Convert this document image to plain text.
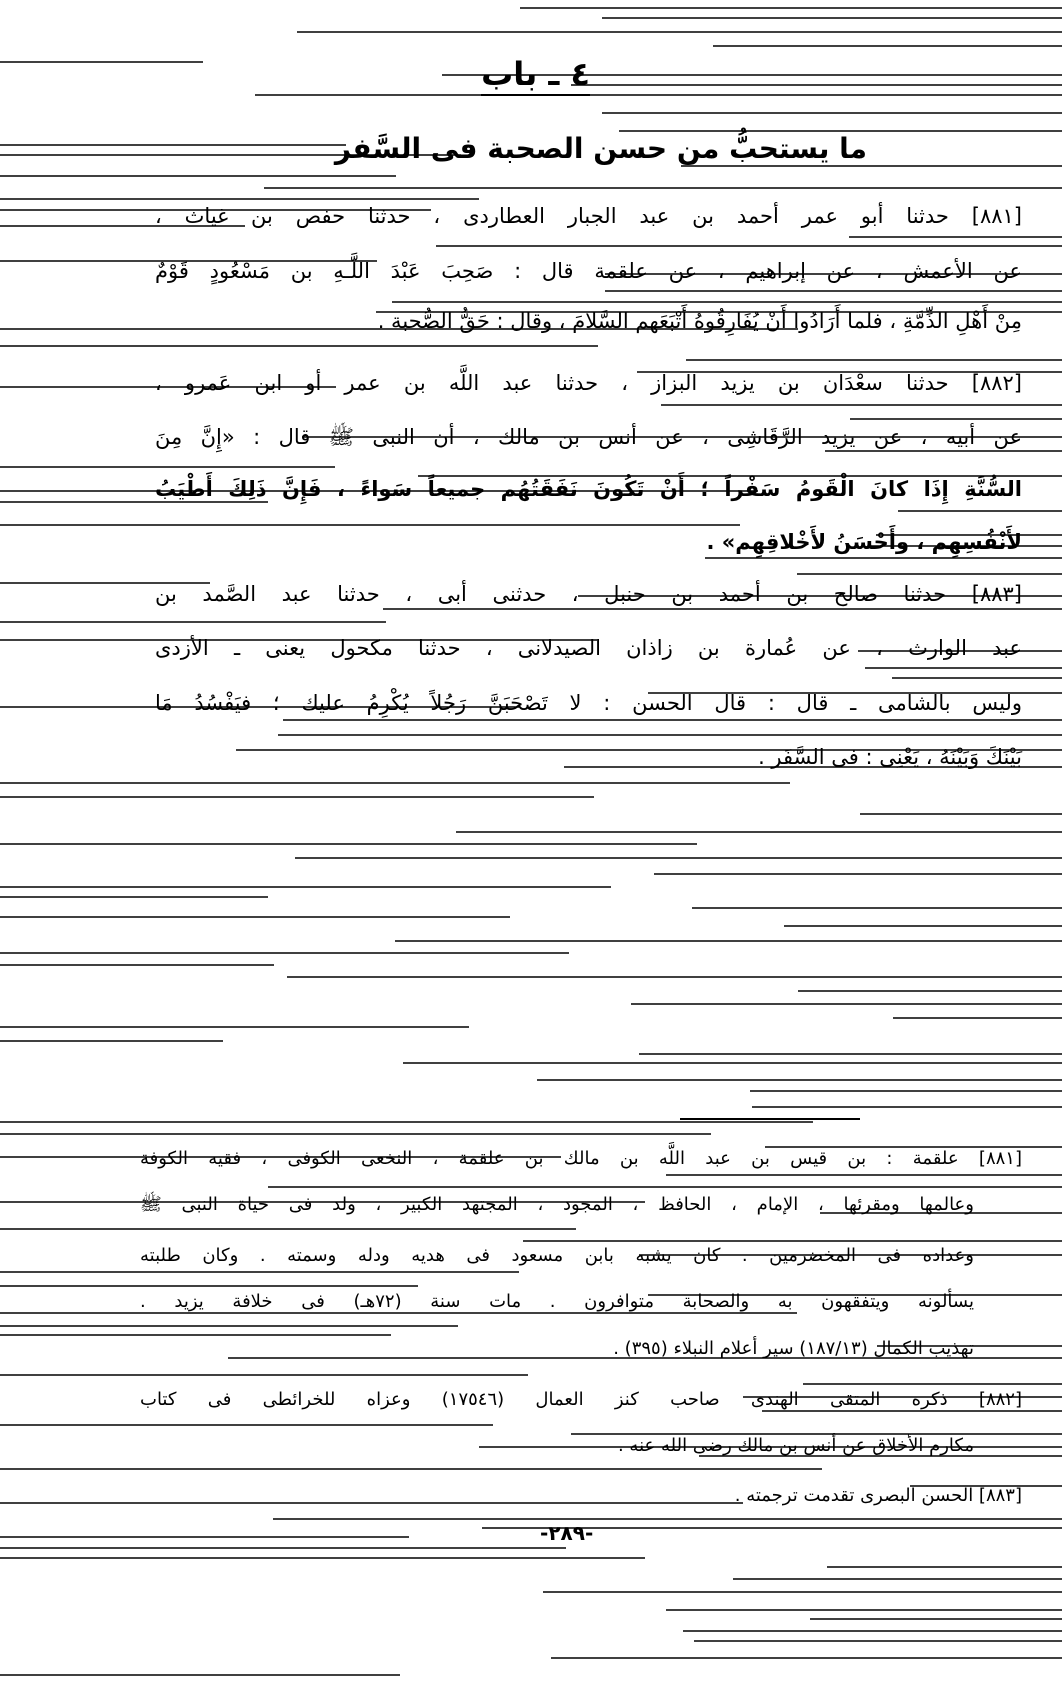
٤ ـ باب
ما يستحبُّ من حسن الصحبة فى السَّفر
[٨٨١] حدثنا أبو عمر أحمد بن عبد الجبار العطاردى ، حدثنا حفص بن غياث ،
عن الأعمش ، عن إبراهيم ، عن علقمة قال : صَحِبَ عَبْدَ اللَّـهِ بن مَسْعُودٍ قَوْمٌ
مِنْ أَهْلِ الذِّمَّةِ ، فلما أَرَادُوا أَنْ يُفَارِقُوهُ أَتْبَعَهم السَّلامَ ، وقال : حَقُّ الصُّحبة .
[٨٨٢] حدثنا سعْدَان بن يزيد البزاز ، حدثنا عبد اللَّه بن عمر أو ابن عَمرو ،
عن أبيه ، عن يزيد الرَّقَاشِى ، عن أنس بن مالك ، أن النبى ﷺ قال : «إِنَّ مِنَ
السُّنَّةِ إِذَا كانَ الْقَومُ سَفْراً ؛ أَنْ تَكُونَ نَفَقَتُهُم جميعاً سَواءً ، فَإِنَّ ذَلِكَ أَطْيَبُ
لأَنْفُسِهِم ، وأَحْسَنُ لأَخْلاقِهِم» .
[٨٨٣] حدثنا صالح بن أحمد بن حنبل ، حدثنى أبى ، حدثنا عبد الصَّمد بن
عبد الوارث ، عن عُمارة بن زاذان الصيدلانى ، حدثنا مكحول يعنى ـ الأزدى
وليس بالشامى ـ قال : قال الحسن : لا تَصْحَبَنَّ رَجُلاً يُكْرِمُ عليك ؛ فيَفْسُدُ مَا
بَيْنَكَ وَبَيْنَهُ ، يَعْنِى : فى السَّفَر .
[٨٨١] علقمة : بن قيس بن عبد اللَّه بن مالك بن علقمة ، النخعى الكوفى ، فقيه الكوفة
وعالمها ومقرئها ، الإمام ، الحافظ ، المجود ، المجتهد الكبير ، ولد فى حياة النبى ﷺ
وعداده فى المخضرمين . كان يشبه بابن مسعود فى هديه ودله وسمته . وكان طلبته
يسألونه ويتفقهون به والصحابة متوافرون . مات سنة (٧٢هـ) فى خلافة يزيد .
تهذيب الكمال (١٨٧/١٣) سير أعلام النبلاء (٣٩٥) .
[٨٨٢] ذكره المتقى الهندى صاحب كنز العمال (١٧٥٤٦) وعزاه للخرائطى فى كتاب
مكارم الأخلاق عن أنس بن مالك رضى الله عنه .
[٨٨٣] الحسن البصرى تقدمت ترجمته .
-٢٨٩-
